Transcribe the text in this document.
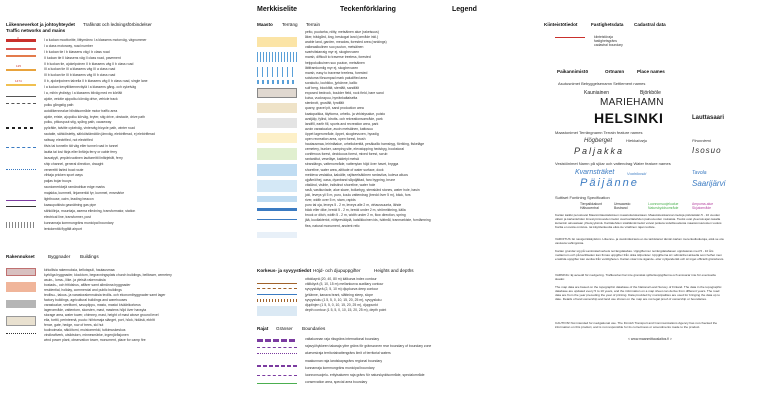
Merkkiselite	Teckenförklaring	Legend
Liikenneverkot ja johtoyhteydet Trafiknät och ledningsförbindelser
Traffic networks and mains
3
125
1474
I a luokan moottoritie, liittymänro I a klassens motorväg, vägnummer
I a class motorway, road number
I b luokan tie I b klassens väg I b class road
II luokan tie II klassens väg II class road, pavement
II b luokan tie, ajokelpoinen II b klassens väg II b class road
III a luokan tie III a klassens väg III a class road
III b luokan tie III b klassens väg III b class road
II b, ajokelpoinen talvella II b klassens väg II b class road, single lane
I a luokan kevytliikenneväylä I a klassens gång- och cykelväg
I a, mihin yhdistyy I a klassens bilväg med en körfält
ajotie, vetotie ajopolku körväg drive, vehicle track
polku gångstig path
autoliikennealue bilnätsområde motor traffic area
ajotie, eriste, ajopolku körväg, bryter, stig drive, obstacle, drive path
polku, pitkospuut stig, spång path, causeway
pyörätie, talvitie cykelväg, vinterväg bicycle path, winter road
rautatie, sähköistetty, sähköistämätön järnväg, elektrifierad, ej elektrifierad
railway, electrified, not electrified
tiivis tai tunnelin tät väg eller tunnel road in tunnel
lautta tai losi färja eller linfärja ferry or cable ferry
lauvatyyli, ympärivuotinen lauttareitti linfärjebåt, ferry
ship channel, general direction, draught
venereitti farled boat route
vihtaja pricken sport ways
paljas bojar buoys
rauniomerkkejä ramändrikar edge marks
majakka, kummeli, linjamerkki fyr, kummel, ensmärke
lighthouse, cairn, leading beacon
kaasuputkisto gasnätning gas pipe
sähkölinja, muuntaja, asema elledning, transformator, station
electrical line, transformer, post
kunnanraja kommungräns municipal boundary
lentokenttä flygfält airport
Rakennukset	Byggnader Buildings
kirkollisia rakennuksia, kellotapuli, hautausmaa
kyrkliga byggnader, klocktorn, begravningsplats church buildings, belltower, cemetery
asuin-, loma-, liike- ja yleisiä rakennuksia
bostads-, och fritidshus, affärer samt allmänna byggnader
residential, holiday, commercial and public buildings
teollisu-, talous- ja varastorakennuksia teollis- och ekonomibyggnader samt lager
factory buildings, agricultural buildings and warehouses
varastoalue, veelitorni, savupiippu, masto, mastoi kiväärikorkeus
lagerområde, vattentorn, skorsten, mast, mastens höjd över havsyta
storage area, water tower, chimney, mast, height of mast above ground level
eila, torttii, perinteenä, puutu: hiihtomaja slänget, port, höck, hidäsä, ekbltt
fence, gate, hedge, row of trees, ski hut
tuulivoimala, näköitorni, muistomerkki, tutkimuskeskus
vindkraftverk, utsiktstorn, minnesmärke, ingenjöråsjonen
wind power plant, observation tower, monument, place for camp fire
Maasto Terräng Terrain
pelto, puutarha, niitty, metsäinen alue (rakeisuus)
åker, trädgård, äng, beskogat land (område inkl.)
arable land, garden, meadow, forested area (rankings)
valkeaalkulinen suo puuton, metsäinen
svartvitstarraig myr ej, skogbevuxen
marsh, difficult to traverse treeless, forested
helppokulkuinen suo puuton, metsäinen
lättframkomlig myr ej, skogbevuxen
marsh, easy to traverse treeless, forested
soistuma försumpad mark paludified area
sorakuilu, louhikko, jyrkänne, kallio
sulf berg, blockfält, stenfält, sandfält
exposed bedrock, boulder field, rock field, bare sand
kuiva, vuokrapuu, hyrränkaltaiselta
stenbrott, grusfält, fyndfält
quarry, gravel pit, sand production area
kaatopaikka, täyttoma, urheilu- ja virkistysalue, puisto
avstjälp, fyllnd, idrotts- och rekreationsområde, park
landfill, earth fill, sports and recreation area, park
avoin varastoalue, avoin metsäinen, kattosuu
öppet lagerområde, öppet, skogbevuxen, hyradig
open recreation area, open forest, brush
hautausmaa, leirintäalue, urheilukenttä, pesäkallio hamsbyg, förriking, fiskeläge
cemetery, bunker, camping site, elevatopping hedsbyg, bookstoral
coniferous forest, deciduous forest, mixed forest, scrub
rantaniitut, veseläye, kaidetyt metsä
strandängs, vattenområde, vattenytan höjd över havet, brygga
shoreline, water area, altitude of water surface, dock
meldeva veslakka, kaloälle, rajitseelsätönen rantaviiva, kuleva aliuos
ujpåmöihej, oasa, dyanband såpdjättad, faro bygning, brune
väsländ, visible, indistinct shoreline, water hole
raså, vastkuvlade, alue skare, bollarbyg, stenskärd stones, water hole, basin
joki, leveys yli 5 m, puro, koulu vattendrag (bredd över 5 m), bäck, fors
river, width over 5 m, stam, rapids
puro tai oja, leveys 5 - 2 m, leveys alle 2 m, virtaussuunta, lähde
bäck eller dike, bredd 5 - 2 m, bredd under 2 m, strömriktning, källa
brook or ditch, width 5 - 2 m, width under 2 m, flow direction, spring
jää, kuollakteriot, niittyrevääpiä, kaislikkoinen ids, tvätmål, tranmarkiste, fornlämning
flea, natural monument, ancient relic
Korkeus- ja syvyystiedot Höjd- och djupuppgifter	Heights and depths
ottoklayrä (20, 40, 80 m) kälkurva index contour
väliköyrä (5, 10, 15 m) mellankurva auxiliary contour
syvyyskäyrä (2, 5, 10 m) djupkurva deep contour
jyrkänne, kanava brant, slättning steep, slope
syvyysluku (1 5, 5, 0, 10, 15, 20, 25 m), syvyysluku
djuplinjen (1 5, 5, 0, 10, 15, 20, 25 m), djuppunkt
depth contour (1 5, 5, 0, 10, 15, 20, 25 m), depth point
Rajat Gränser Boundaries
valtakunnan raja riksgräns international boundary
rajavyöhykkeen takaraja yttre gräns för gränszonen rear boundary of boundary zone
aluevesiraja territorialvattengräns limit of territorial waters
maakunnan raja landskapsgräns regional boundary
kunnanraja kommungräns municipal boundary
luonnonsuojelu- erityisalueen raja gräns för naturskyddsområde, specialområde
conservation area, special area boundary
Kiinteistötiedot	Fastighetsdata Cadastral data
kiinteistöraja
fastighetsgräns
cadastral boundary
Paikannimistö	Ortnamn	Place names
Asutusnimet Bebyggelsenamn Settlement names
Kauniainen	Björkbölе
MARIEHAMN
HELSINKI	Lauttasaari
Maastonimet Terrängnamn Terrain feature names
Högberget
Paljakka
Hiekkaharju	Pirunniemi
Isosuo
Vesistönimet Namn på sjöar och vattendrag Water feature names
Kvarnsträket	Vuohikoski	Tavola
Päijänne	Saarijärvi
Suttiset Fontining Specification
Tierpaikkakunt	Umsaarsto	Luonnonsuojelualue	Ampuma-alue
Hälsocentral	Bostrand	Naturskyddsområde	Skjutområde
Kartan kaikki perustuvat Maanmittauslaitoksen maastotietokantaan. Maastotietokannan tiedoja päivitetään 5 - 10 vuoden välein ja kartanlehden ilmestymisvuoden tiedot ovat karttalehden painovuoden mukaisia. Tiedot ovat yleensä ajan tasalla kuitenkin ainoastaan yhteisyyksinä. Karttalehden sisältämät tiedot voivat poiketa todellisuudesta maastomuutosten vuoksi. Kartta ei osoita omistus- tai käyttöoikeutta eikä ole virallinen rajan todiste.
VAROITUS: Ei navigointikäyttöön. Liikenne- ja viestintävirasto ei ole tarkistanut tämän kartan merenkulkutietoja, eikä se ota vastuuta vahingoista.
Kartan grundar sig på Lantmäteriverkets terrängdatabas. Uppgifterna i terrängdatabasen uppdateras med 5 - 10 års mellanrum och på kartbladen kan finnas uppgifter från olika tidpunkter. Uppgifterna är i allmänhet aktuella som helhet men enskilda uppgifter kan avvika från verkligheten. Kartan visar inte ägande- eller nyttjanderätt och är inget officiellt gränsbevis.
VARNING: Ej avsedd för navigering. Trafikverket har inte granskat sjöfartsuppgifterna och ansvarar inte för eventuella skador.
The map data are based on the topographic database of the National Land Survey of Finland. The data in the topographic database are updated every 5 to 10 years, and the information on a map sheet can derive from different years. The road data are from the year preceding the year of printing. Data provided by municipalities are used for bringing the data up to date. Details of land ownership and land use shown on the map are not legal proof of ownership or boundaries.
CAUTION! Not intended for navigational use. The Finnish Transport and Communications Agency has not checked the information on this product, and is not responsible for its correctness or amendments made to the product.
< www.maanmittauslaitos.fi >
